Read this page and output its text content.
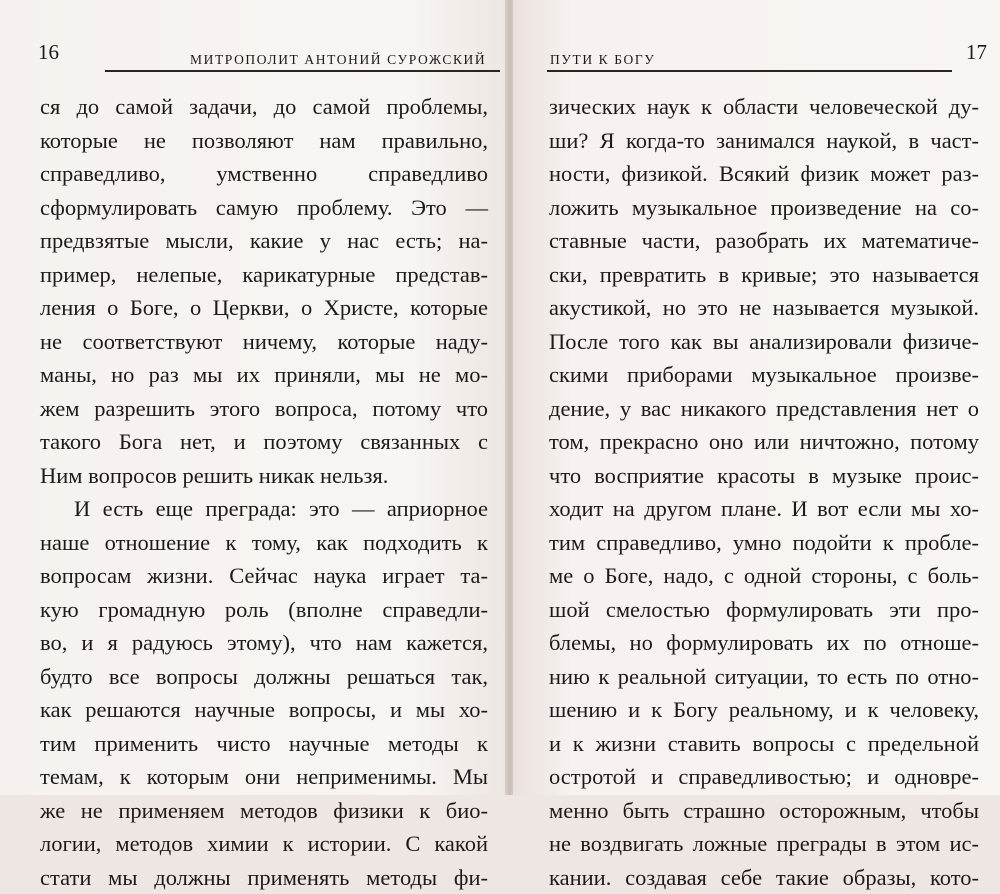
16	МИТРОПОЛИТ АНТОНИЙ СУРОЖСКИЙ
ся до самой задачи, до самой проблемы,
которые не позволяют нам правильно,
справедливо, умственно справедливо
сформулировать самую проблему. Это —
предвзятые мысли, какие у нас есть; на-
пример, нелепые, карикатурные представ-
ления о Боге, о Церкви, о Христе, которые
не соответствуют ничему, которые наду-
маны, но раз мы их приняли, мы не мо-
жем разрешить этого вопроса, потому что
такого Бога нет, и поэтому связанных с
Ним вопросов решить никак нельзя.
И есть еще преграда: это — априорное
наше отношение к тому, как подходить к
вопросам жизни. Сейчас наука играет та-
кую громадную роль (вполне справедли-
во, и я радуюсь этому), что нам кажется,
будто все вопросы должны решаться так,
как решаются научные вопросы, и мы хо-
тим применить чисто научные методы к
темам, к которым они неприменимы. Мы
же не применяем методов физики к био-
логии, методов химии к истории. С какой
стати мы должны применять методы фи-
ПУТИ К БОГУ	17
зических наук к области человеческой ду-
ши? Я когда-то занимался наукой, в част-
ности, физикой. Всякий физик может раз-
ложить музыкальное произведение на со-
ставные части, разобрать их математиче-
ски, превратить в кривые; это называется
акустикой, но это не называется музыкой.
После того как вы анализировали физиче-
скими приборами музыкальное произве-
дение, у вас никакого представления нет о
том, прекрасно оно или ничтожно, потому
что восприятие красоты в музыке проис-
ходит на другом плане. И вот если мы хо-
тим справедливо, умно подойти к пробле-
ме о Боге, надо, с одной стороны, с боль-
шой смелостью формулировать эти про-
блемы, но формулировать их по отноше-
нию к реальной ситуации, то есть по отно-
шению и к Богу реальному, и к человеку,
и к жизни ставить вопросы с предельной
остротой и справедливостью; и одновре-
менно быть страшно осторожным, чтобы
не воздвигать ложные преграды в этом ис-
кании. создавая себе такие образы, кото-
